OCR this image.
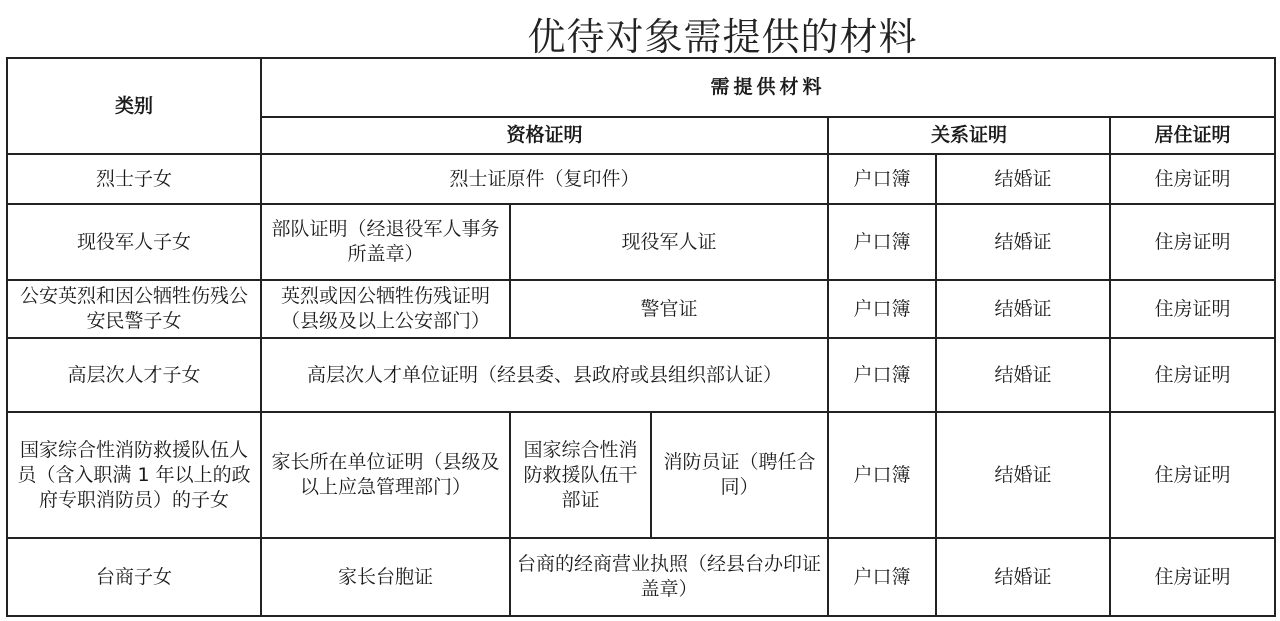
优待对象需提供的材料
类别	需提供材料					
	资格证明			关系证明		居住证明
烈士子女	烈士证原件（复印件）			户口簿	结婚证	住房证明
现役军人子女	部队证明（经退役军人事务所盖章）	现役军人证		户口簿	结婚证	住房证明
公安英烈和因公牺牲伤残公安民警子女	英烈或因公牺牲伤残证明（县级及以上公安部门）	警官证		户口簿	结婚证	住房证明
高层次人才子女	高层次人才单位证明（经县委、县政府或县组织部认证）			户口簿	结婚证	住房证明
国家综合性消防救援队伍人员（含入职满 1 年以上的政府专职消防员）的子女	家长所在单位证明（县级及以上应急管理部门）	国家综合性消防救援队伍干部证	消防员证（聘任合同）	户口簿	结婚证	住房证明
台商子女	家长台胞证	台商的经商营业执照（经县台办印证盖章）		户口簿	结婚证	住房证明
